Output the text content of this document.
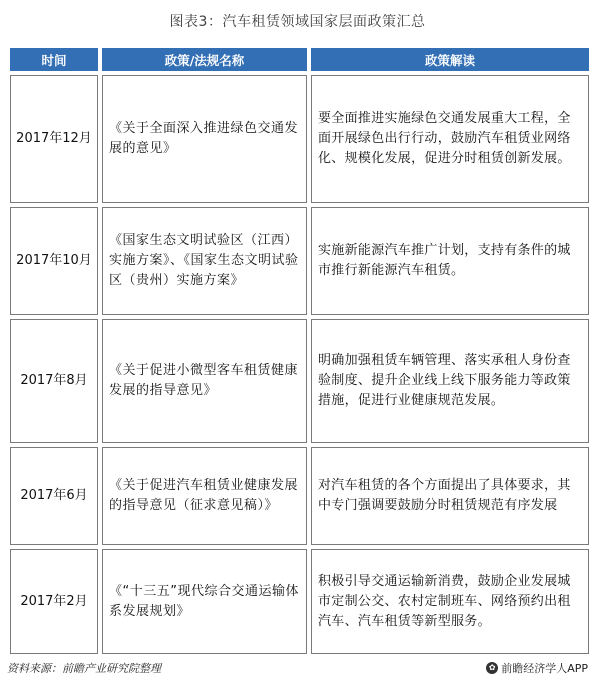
图表3：汽车租赁领域国家层面政策汇总
时间	政策/法规名称	政策解读
2017年12月	《关于全面深入推进绿色交通发展的意见》	要全面推进实施绿色交通发展重大工程，全面开展绿色出行行动，鼓励汽车租赁业网络化、规模化发展，促进分时租赁创新发展。
2017年10月	《国家生态文明试验区（江西）实施方案》、《国家生态文明试验区（贵州）实施方案》	实施新能源汽车推广计划，支持有条件的城市推行新能源汽车租赁。
2017年8月	《关于促进小微型客车租赁健康发展的指导意见》	明确加强租赁车辆管理、落实承租人身份查验制度、提升企业线上线下服务能力等政策措施，促进行业健康规范发展。
2017年6月	《关于促进汽车租赁业健康发展的指导意见（征求意见稿）》	对汽车租赁的各个方面提出了具体要求，其中专门强调要鼓励分时租赁规范有序发展
2017年2月	《“十三五”现代综合交通运输体系发展规划》	积极引导交通运输新消费，鼓励企业发展城市定制公交、农村定制班车、网络预约出租汽车、汽车租赁等新型服务。
资料来源：前瞻产业研究院整理	✿ 前瞻经济学人APP
